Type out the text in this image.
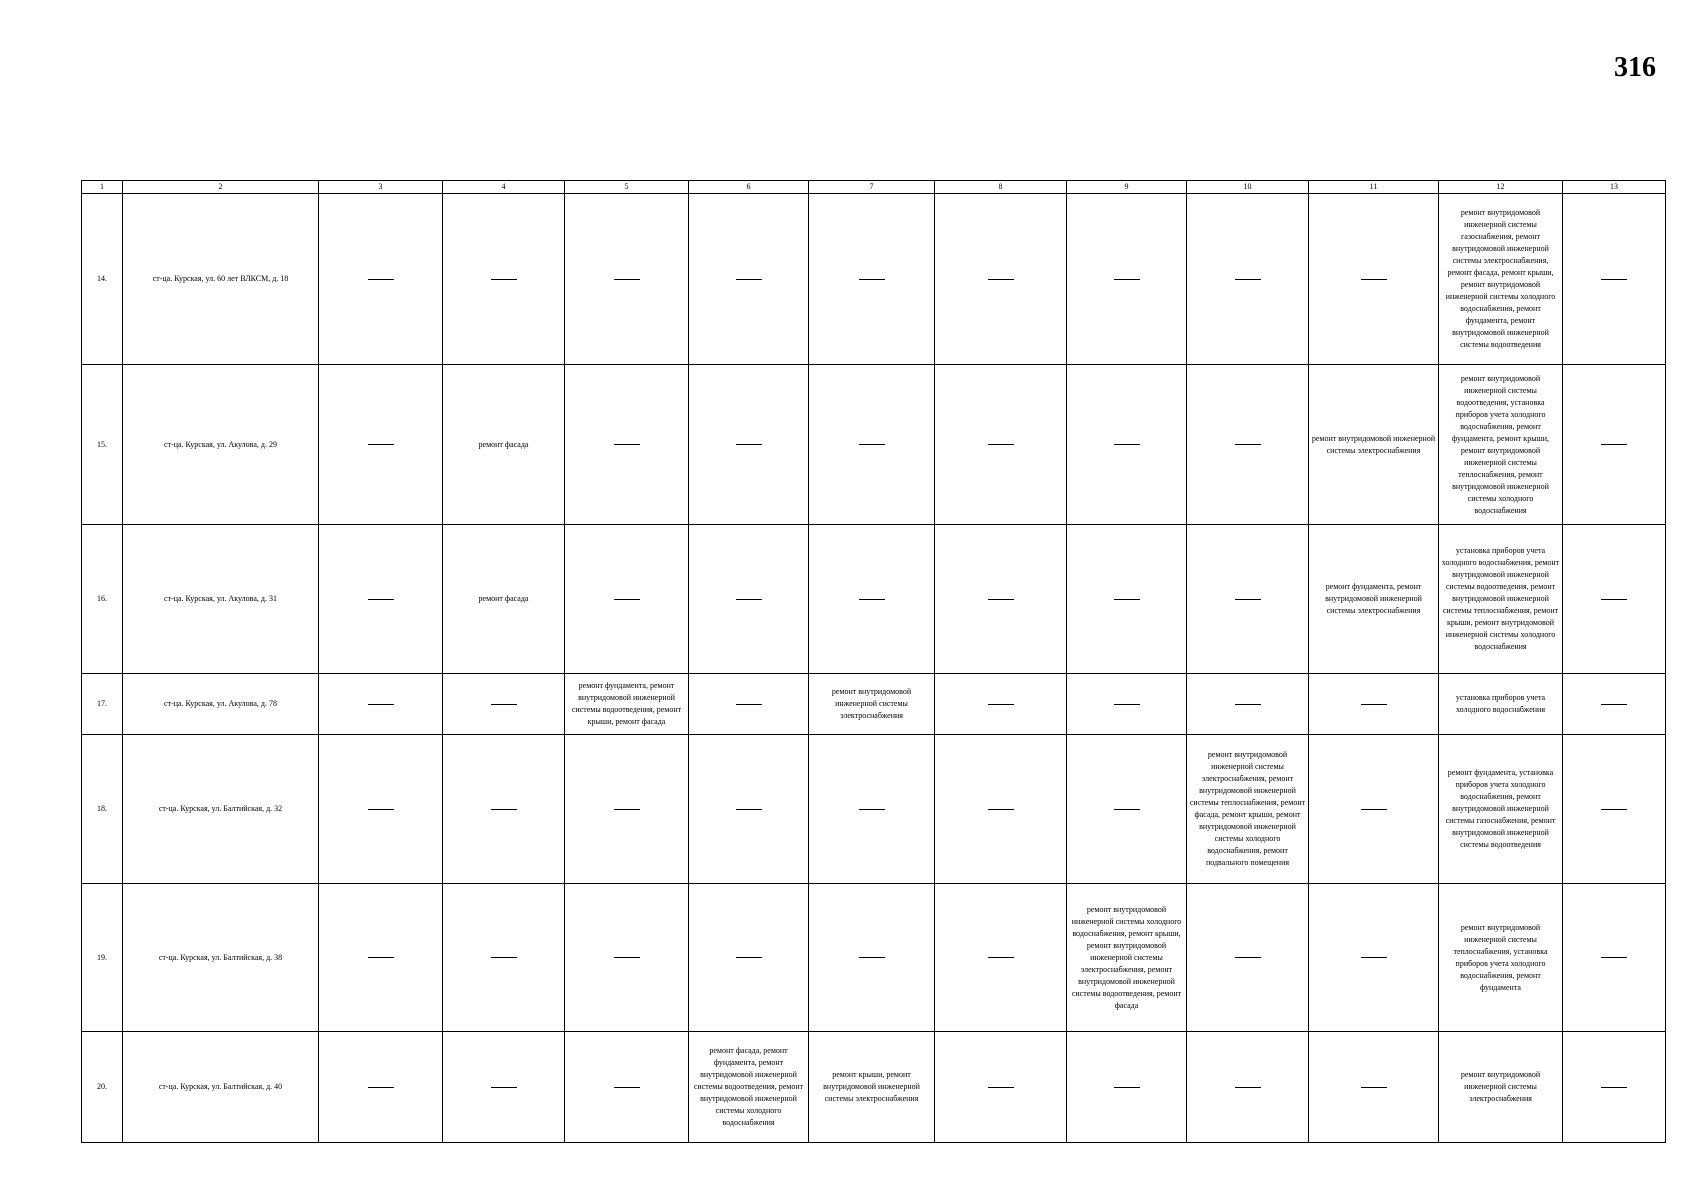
316
1	2	3	4	5	6	7	8	9	10	11	12	13
14.	ст-ца. Курская, ул. 60 лет ВЛКСМ, д. 18										ремонт внутридомовой инженерной системы газоснабжения, ремонт внутридомовой инженерной системы электроснабжения, ремонт фасада, ремонт крыши, ремонт внутридомовой инженерной системы холодного водоснабжения, ремонт фундамента, ремонт внутридомовой инженерной системы водоотведения	
15.	ст-ца. Курская, ул. Акулова, д. 29		ремонт фасада							ремонт внутридомовой инженерной системы электроснабжения	ремонт внутридомовой инженерной системы водоотведения, установка приборов учета холодного водоснабжения, ремонт фундамента, ремонт крыши, ремонт внутридомовой инженерной системы теплоснабжения, ремонт внутридомовой инженерной системы холодного водоснабжения	
16.	ст-ца. Курская, ул. Акулова, д. 31		ремонт фасада							ремонт фундамента, ремонт внутридомовой инженерной системы электроснабжения	установка приборов учета холодного водоснабжения, ремонт внутридомовой инженерной системы водоотведения, ремонт внутридомовой инженерной системы теплоснабжения, ремонт крыши, ремонт внутридомовой инженерной системы холодного водоснабжения	
17.	ст-ца. Курская, ул. Акулова, д. 78			ремонт фундамента, ремонт внутридомовой инженерной системы водоотведения, ремонт крыши, ремонт фасада		ремонт внутридомовой инженерной системы электроснабжения					установка приборов учета холодного водоснабжения	
18.	ст-ца. Курская, ул. Балтийская, д. 32								ремонт внутридомовой инженерной системы электроснабжения, ремонт внутридомовой инженерной системы теплоснабжения, ремонт фасада, ремонт крыши, ремонт внутридомовой инженерной системы холодного водоснабжения, ремонт подвального помещения		ремонт фундамента, установка приборов учета холодного водоснабжения, ремонт внутридомовой инженерной системы газоснабжения, ремонт внутридомовой инженерной системы водоотведения	
19.	ст-ца. Курская, ул. Балтийская, д. 38							ремонт внутридомовой инженерной системы холодного водоснабжения, ремонт крыши, ремонт внутридомовой инженерной системы электроснабжения, ремонт внутридомовой инженерной системы водоотведения, ремонт фасада			ремонт внутридомовой инженерной системы теплоснабжения, установка приборов учета холодного водоснабжения, ремонт фундамента	
20.	ст-ца. Курская, ул. Балтийская, д. 40				ремонт фасада, ремонт фундамента, ремонт внутридомовой инженерной системы водоотведения, ремонт внутридомовой инженерной системы холодного водоснабжения	ремонт крыши, ремонт внутридомовой инженерной системы электроснабжения					ремонт внутридомовой инженерной системы электроснабжения	
